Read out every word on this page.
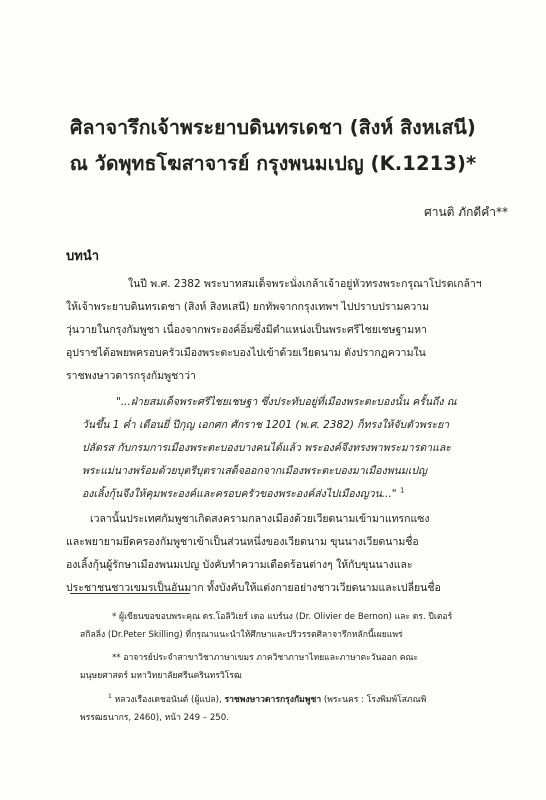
ศิลาจารึกเจ้าพระยาบดินทรเดชา (สิงห์ สิงหเสนี)
ณ วัดพุทธโฆสาจารย์ กรุงพนมเปญ (K.1213)*
ศานติ ภักดีคำ**
บทนำ
ในปี พ.ศ. 2382 พระบาทสมเด็จพระนั่งเกล้าเจ้าอยู่หัวทรงพระกรุณาโปรดเกล้าฯ
ให้เจ้าพระยาบดินทรเดชา (สิงห์ สิงหเสนี) ยกทัพจากกรุงเทพฯ ไปปราบปรามความ
วุ่นวายในกรุงกัมพูชา เนื่องจากพระองค์อิ่มซึ่งมีตำแหน่งเป็นพระศรีไชยเชษฐามหา
อุปราชได้อพยพครอบครัวเมืองพระตะบองไปเข้าด้วยเวียดนาม ดังปรากฏความใน
ราชพงษาวดารกรุงกัมพูชาว่า
"...ฝ่ายสมเด็จพระศรีไชยเชษฐา ซึ่งประทับอยู่ที่เมืองพระตะบองนั้น ครั้นถึง ณ
วันขึ้น 1 ค่ำ เดือนยี่ ปีกุญ เอกศก ศักราช 1201 (พ.ศ. 2382) ก็ทรงให้จับตัวพระยา
ปลัดรส กับกรมการเมืองพระตะบองบางคนได้แล้ว พระองค์จึงทรงพาพระมารดาและ
พระแม่นางพร้อมด้วยบุตรีบุตราเสด็จออกจากเมืองพระตะบองมาเมืองพนมเปญ
องเลิ้งกุ้นจึงให้คุมพระองค์และครอบครัวของพระองค์ส่งไปเมืองญวน..." $^1$
เวลานั้นประเทศกัมพูชาเกิดสงครามกลางเมืองด้วยเวียดนามเข้ามาแทรกแซง
และพยายามยึดครองกัมพูชาเข้าเป็นส่วนหนึ่งของเวียดนาม ขุนนางเวียดนามชื่อ
องเลิ้งกุ้นผู้รักษาเมืองพนมเปญ บังคับทำความเดือดร้อนต่างๆ ให้กับขุนนางและ
ประชาชนชาวเขมรเป็นอันมาก ทั้งบังคับให้แต่งกายอย่างชาวเวียดนามและเปลี่ยนชื่อ
* ผู้เขียนขอขอบพระคุณ ดร.โอลิวิเยร์ เดอ แบร์นง (Dr. Olivier de Bernon) และ ดร. ปีเตอร์
สกิลลิ่ง (Dr.Peter Skilling) ที่กรุณาแนะนำให้ศึกษาและปริวรรตศิลาจารึกหลักนี้เผยแพร่
** อาจารย์ประจำสาขาวิชาภาษาเขมร ภาควิชาภาษาไทยและภาษาตะวันออก คณะ
มนุษยศาสตร์ มหาวิทยาลัยศรีนครินทรวิโรฒ
$^1$ หลวงเรืองเดชอนันต์ (ผู้แปล), ราชพงษาวดารกรุงกัมพูชา (พระนคร : โรงพิมพ์โสภณพิ
พรรฒธนากร, 2460), หน้า 249 – 250.
